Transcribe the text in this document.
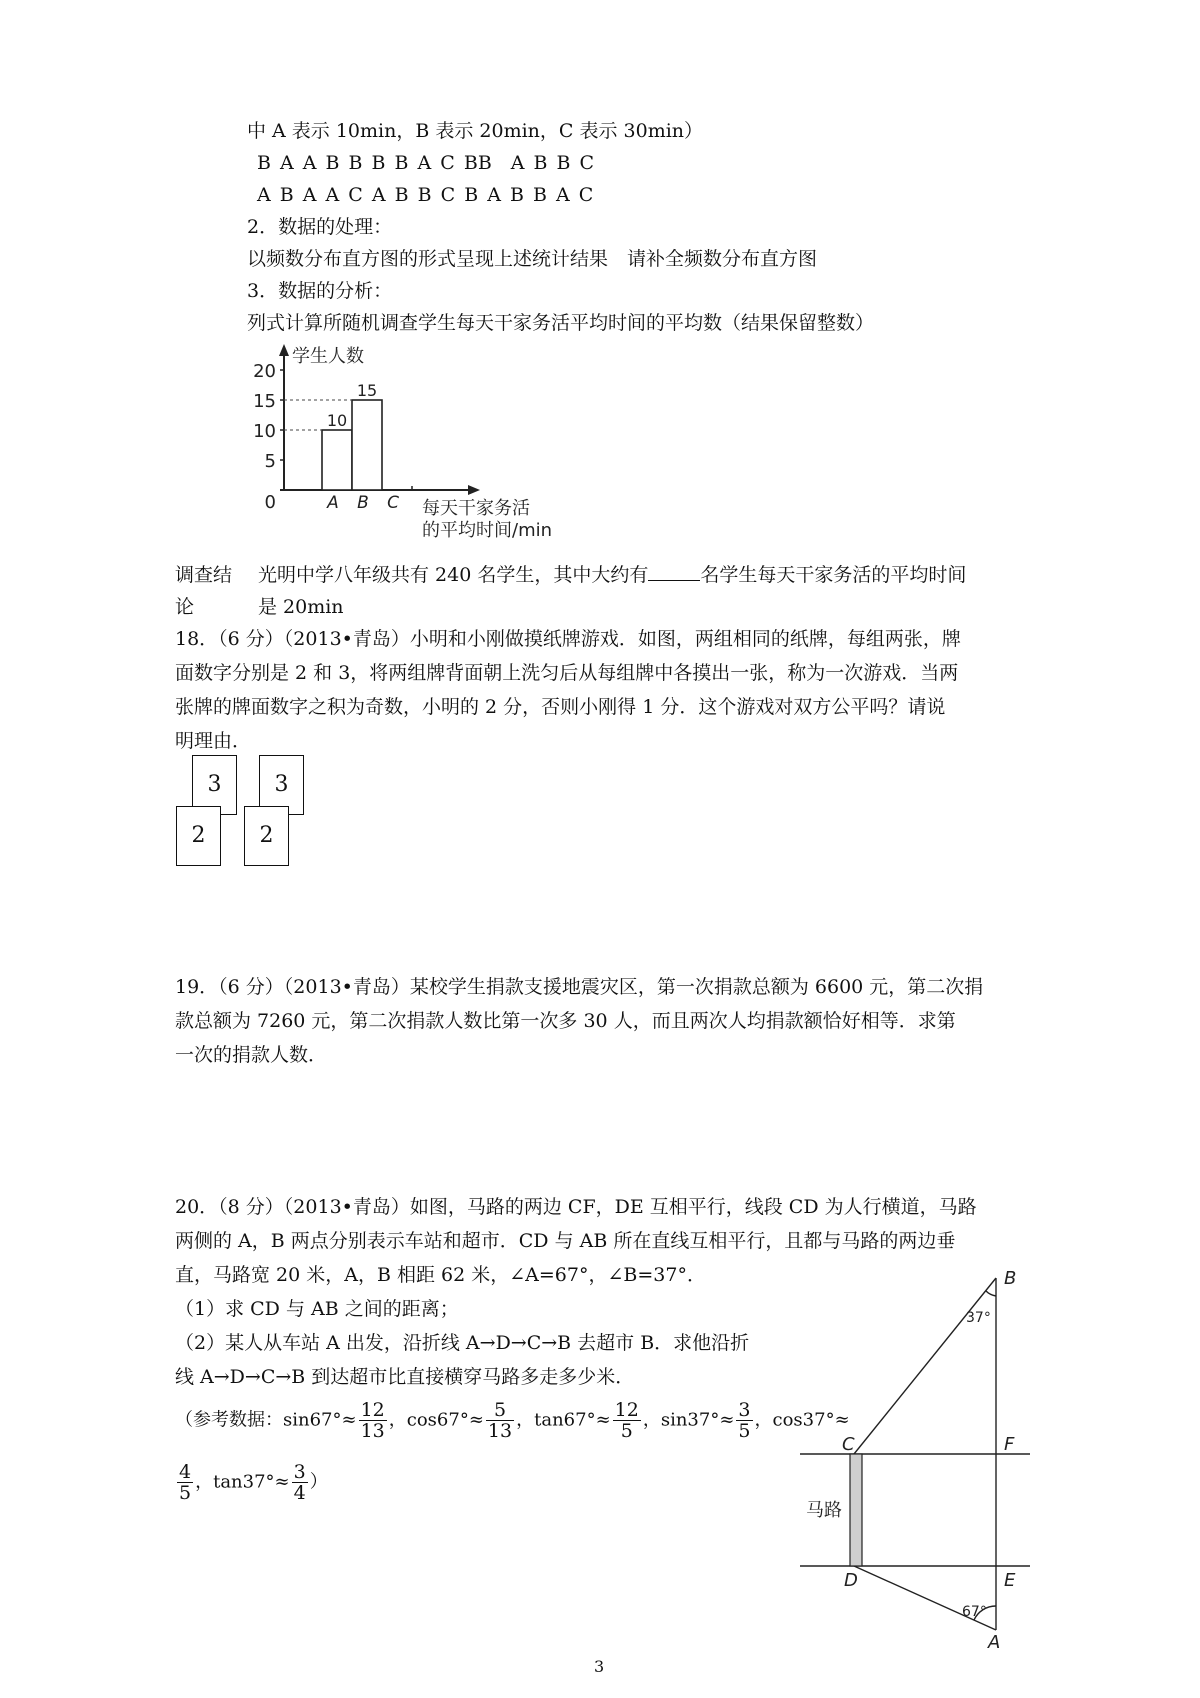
中 A 表示 10min，B 表示 20min，C 表示 30min）
B A A B B B B A C BB　A B B C
A B A A C A B B C B A B B A C
2．数据的处理：
以频数分布直方图的形式呈现上述统计结果　请补全频数分布直方图
3．数据的分析：
列式计算所随机调查学生每天干家务活平均时间的平均数（结果保留整数）
学生人数
0
5
10
15
20
10
A
15
B C 每天干家务活
的平均时间/min
调查结
论
光明中学八年级共有 240 名学生，其中大约有	名学生每天干家务活的平均时间
是 20min
18．（6 分）（2013•青岛）小明和小刚做摸纸牌游戏．如图，两组相同的纸牌，每组两张，牌
面数字分别是 2 和 3，将两组牌背面朝上洗匀后从每组牌中各摸出一张，称为一次游戏．当两
张牌的牌面数字之积为奇数，小明的 2 分，否则小刚得 1 分．这个游戏对双方公平吗？请说
明理由．
3
2
3
2
19．（6 分）（2013•青岛）某校学生捐款支援地震灾区，第一次捐款总额为 6600 元，第二次捐
款总额为 7260 元，第二次捐款人数比第一次多 30 人，而且两次人均捐款额恰好相等．求第
一次的捐款人数．
20．（8 分）（2013•青岛）如图，马路的两边 CF，DE 互相平行，线段 CD 为人行横道，马路
两侧的 A，B 两点分别表示车站和超市．CD 与 AB 所在直线互相平行，且都与马路的两边垂
直，马路宽 20 米，A，B 相距 62 米，∠A=67°，∠B=37°．
（1）求 CD 与 AB 之间的距离；
（2）某人从车站 A 出发，沿折线 A→D→C→B 去超市 B．求他沿折
线 A→D→C→B 到达超市比直接横穿马路多走多少米．
（参考数据：$\sin 67^\circ\approx \frac{12}{13}$ ，$\cos 67^\circ\approx \frac{5}{13}$ ，$\tan 67^\circ\approx \frac{12}{5}$ ，$\sin 37^\circ\approx \frac{3}{5}$ ，cos37°≈
$\frac{4}{5}$ ，$\tan 37^\circ\approx \frac{3}{4}$ ）
B
C	F
D	E
A
37°
67°
马路
3
